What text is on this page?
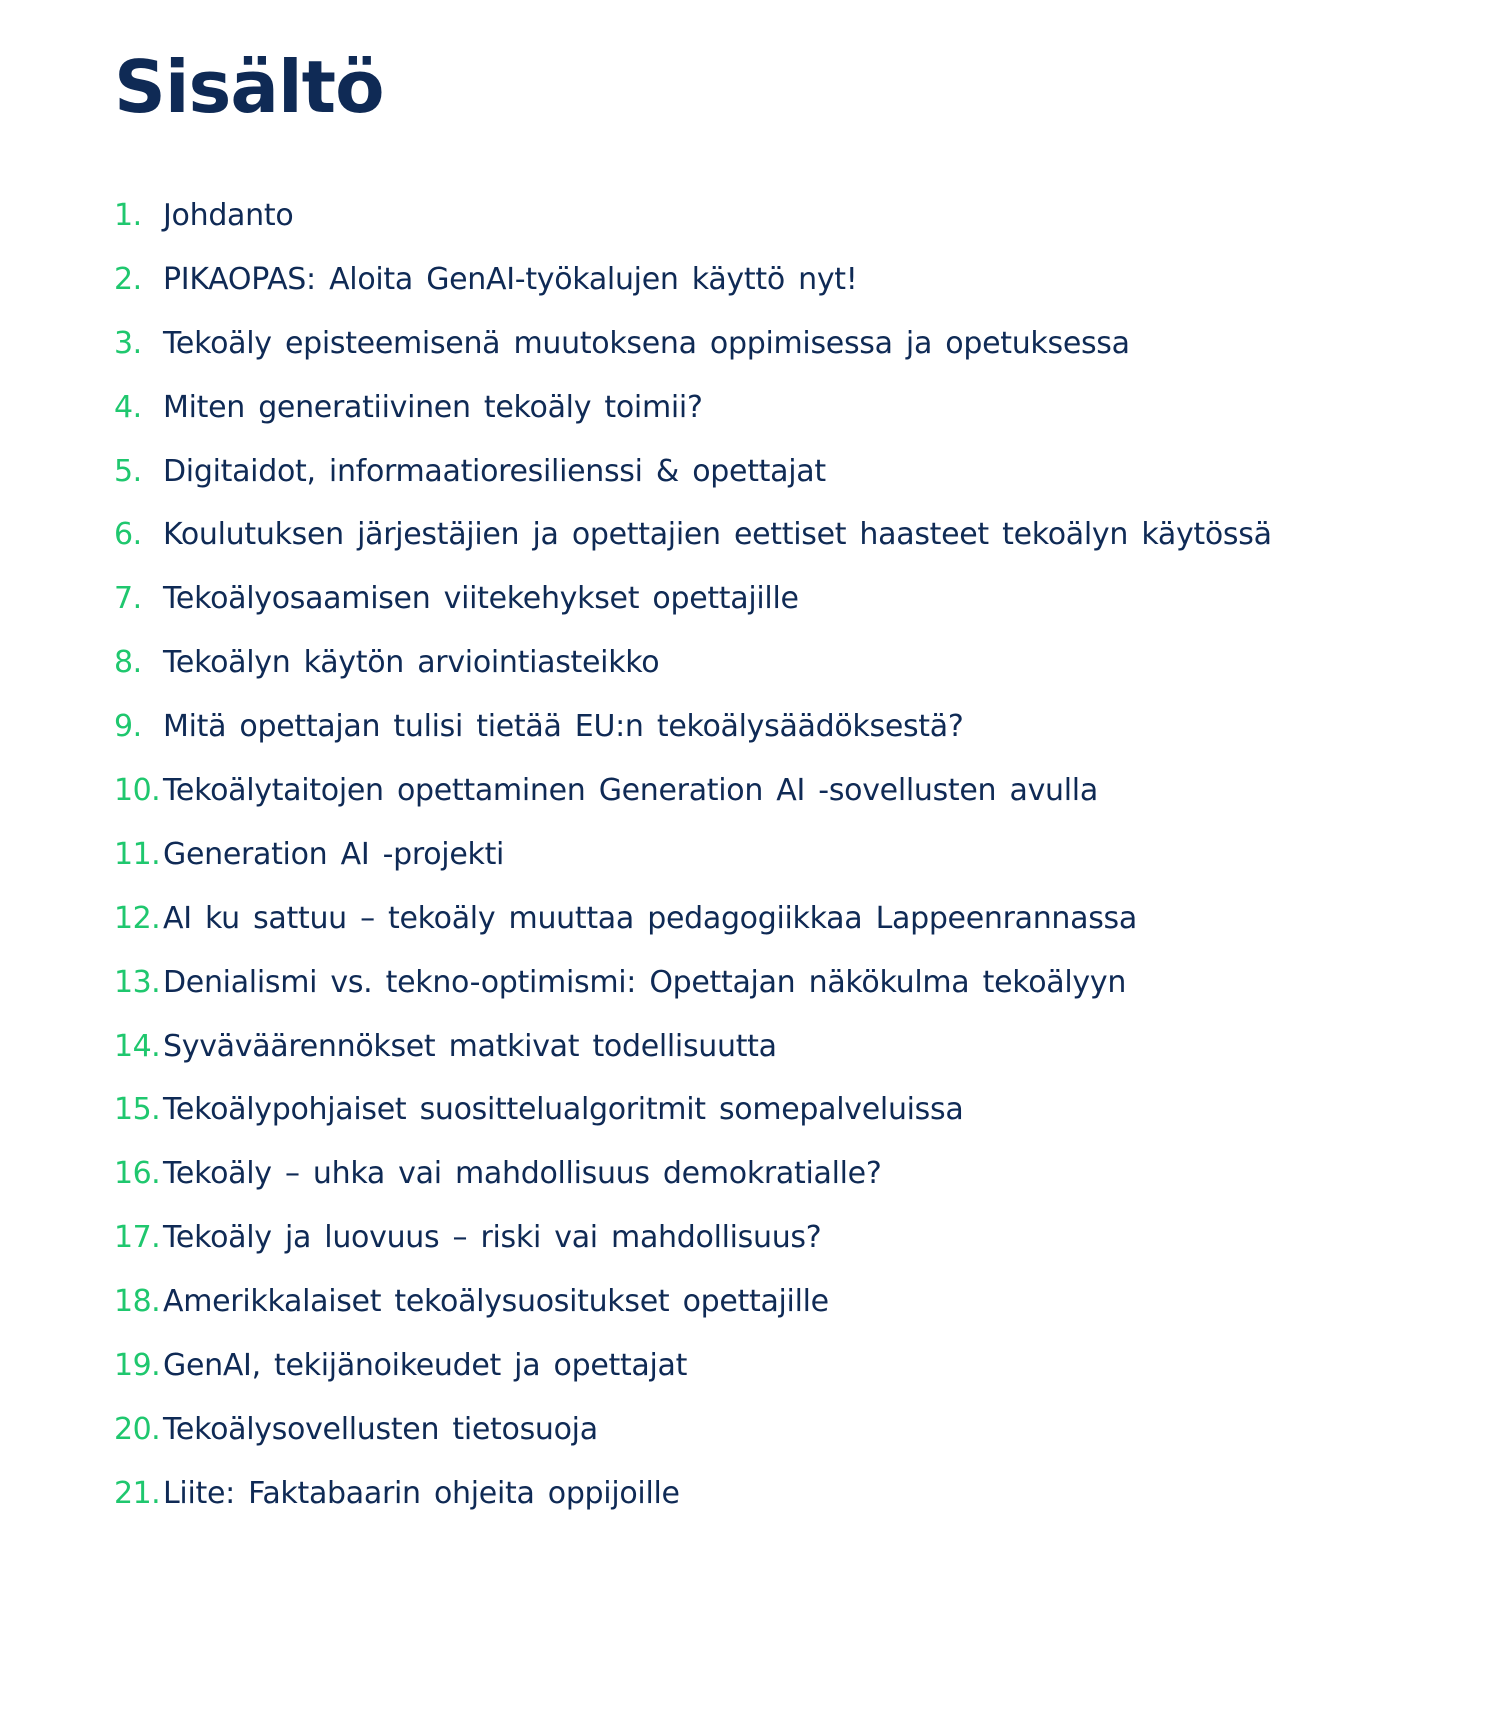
Sisältö
1. Johdanto
2. PIKAOPAS: Aloita GenAI-työkalujen käyttö nyt!
3. Tekoäly episteemisenä muutoksena oppimisessa ja opetuksessa
4. Miten generatiivinen tekoäly toimii?
5. Digitaidot, informaatioresilienssi & opettajat
6. Koulutuksen järjestäjien ja opettajien eettiset haasteet tekoälyn käytössä
7. Tekoälyosaamisen viitekehykset opettajille
8. Tekoälyn käytön arviointiasteikko
9. Mitä opettajan tulisi tietää EU:n tekoälysäädöksestä?
10. Tekoälytaitojen opettaminen Generation AI -sovellusten avulla
11. Generation AI -projekti
12. AI ku sattuu – tekoäly muuttaa pedagogiikkaa Lappeenrannassa
13. Denialismi vs. tekno-optimismi: Opettajan näkökulma tekoälyyn
14. Syväväärennökset matkivat todellisuutta
15. Tekoälypohjaiset suosittelualgoritmit somepalveluissa
16. Tekoäly – uhka vai mahdollisuus demokratialle?
17. Tekoäly ja luovuus – riski vai mahdollisuus?
18. Amerikkalaiset tekoälysuositukset opettajille
19. GenAI, tekijänoikeudet ja opettajat
20. Tekoälysovellusten tietosuoja
21. Liite: Faktabaarin ohjeita oppijoille
